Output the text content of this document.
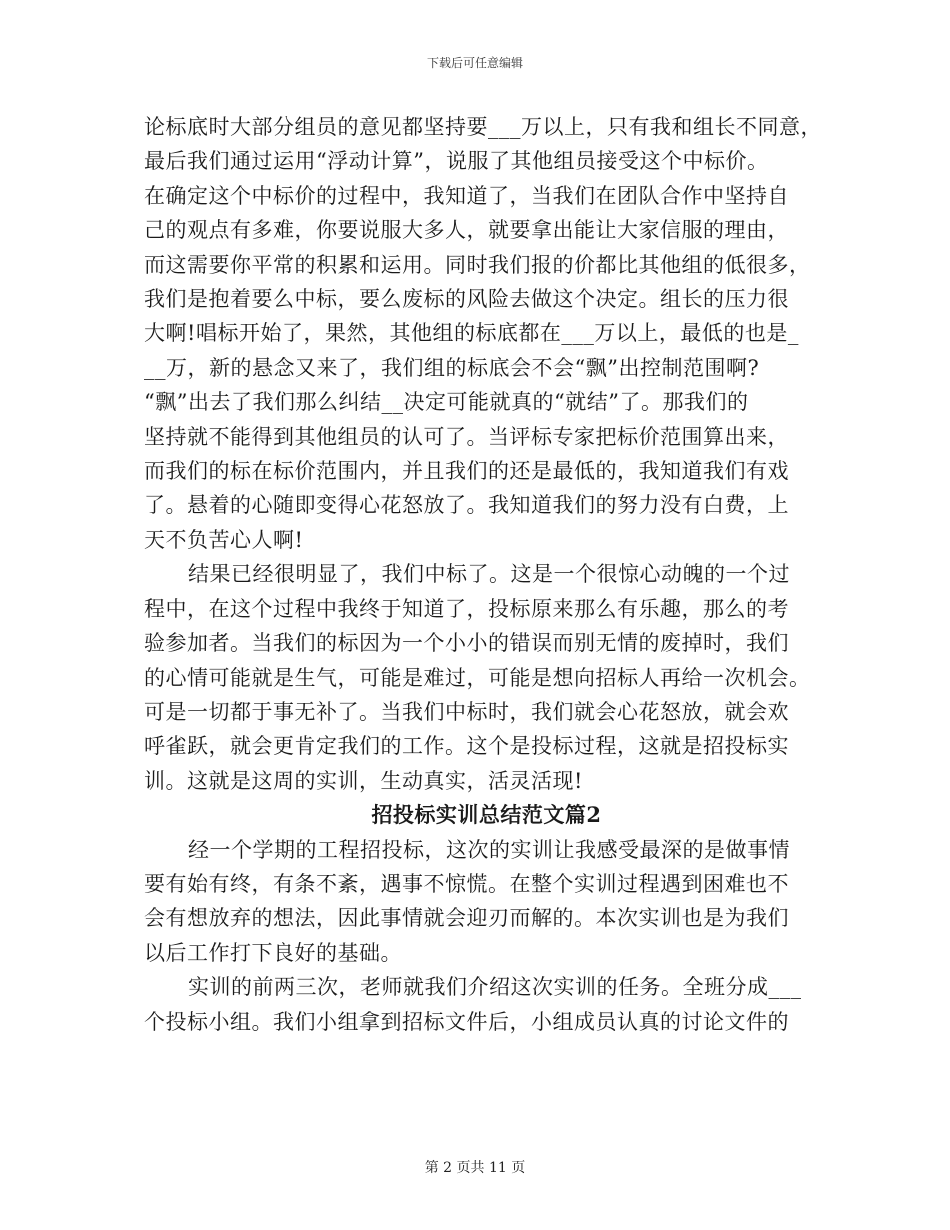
下载后可任意编辑
论标底时大部分组员的意见都坚持要___万以上，只有我和组长不同意，
最后我们通过运用“浮动计算”，说服了其他组员接受这个中标价。
在确定这个中标价的过程中，我知道了，当我们在团队合作中坚持自
己的观点有多难，你要说服大多人，就要拿出能让大家信服的理由，
而这需要你平常的积累和运用。同时我们报的价都比其他组的低很多，
我们是抱着要么中标，要么废标的风险去做这个决定。组长的压力很
大啊!唱标开始了，果然，其他组的标底都在___万以上，最低的也是_
__万，新的悬念又来了，我们组的标底会不会“飘”出控制范围啊?
“飘”出去了我们那么纠结__决定可能就真的“就结”了。那我们的
坚持就不能得到其他组员的认可了。当评标专家把标价范围算出来，
而我们的标在标价范围内，并且我们的还是最低的，我知道我们有戏
了。悬着的心随即变得心花怒放了。我知道我们的努力没有白费，上
天不负苦心人啊!
结果已经很明显了，我们中标了。这是一个很惊心动魄的一个过
程中，在这个过程中我终于知道了，投标原来那么有乐趣，那么的考
验参加者。当我们的标因为一个小小的错误而别无情的废掉时，我们
的心情可能就是生气，可能是难过，可能是想向招标人再给一次机会。
可是一切都于事无补了。当我们中标时，我们就会心花怒放，就会欢
呼雀跃，就会更肯定我们的工作。这个是投标过程，这就是招投标实
训。这就是这周的实训，生动真实，活灵活现!
招投标实训总结范文篇2
经一个学期的工程招投标，这次的实训让我感受最深的是做事情
要有始有终，有条不紊，遇事不惊慌。在整个实训过程遇到困难也不
会有想放弃的想法，因此事情就会迎刃而解的。本次实训也是为我们
以后工作打下良好的基础。
实训的前两三次，老师就我们介绍这次实训的任务。全班分成___
个投标小组。我们小组拿到招标文件后，小组成员认真的讨论文件的
第 2 页共 11 页
